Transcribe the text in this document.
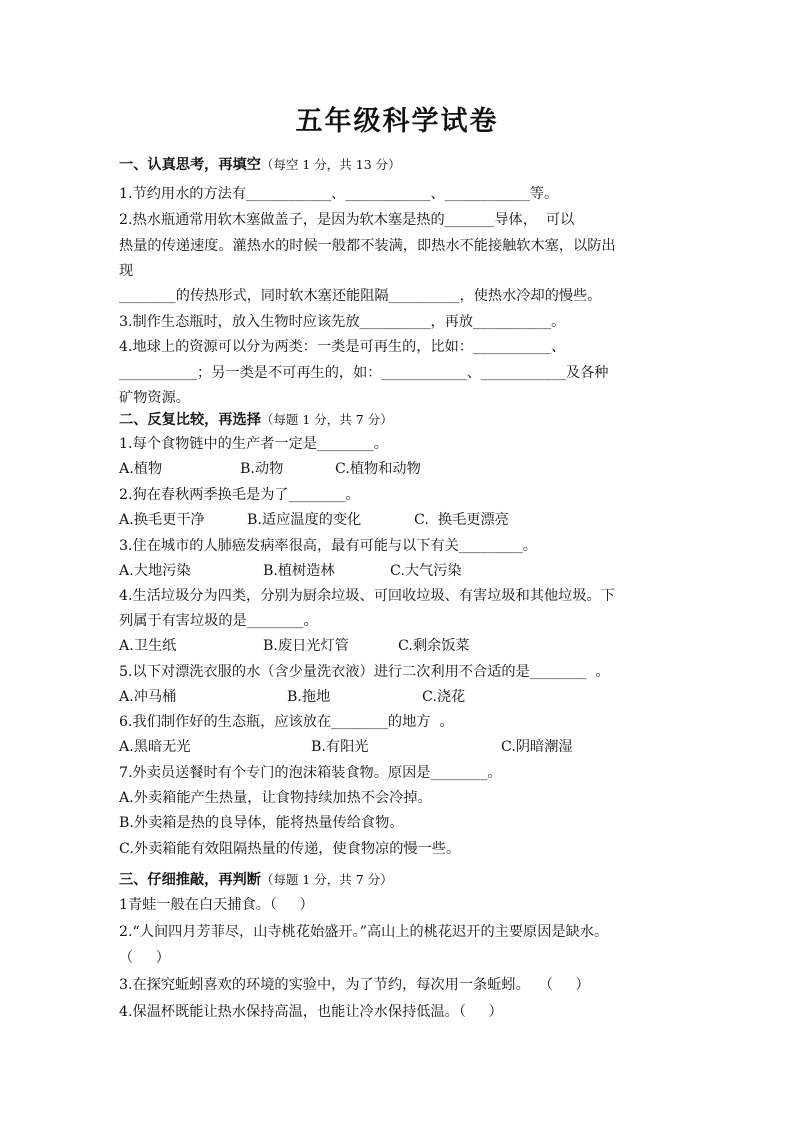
五年级科学试卷
一、认真思考，再填空（每空 1 分，共 13 分）
1.节约用水的方法有____________、____________、____________等。
2.热水瓶通常用软木塞做盖子，是因为软木塞是热的_______导体，  可以
热量的传递速度。灌热水的时候一般都不装满，即热水不能接触软木塞，以防出
现
________的传热形式，同时软木塞还能阻隔__________，使热水冷却的慢些。
3.制作生态瓶时，放入生物时应该先放__________，再放___________。
4.地球上的资源可以分为两类：一类是可再生的，比如：___________、
___________；另一类是不可再生的，如：____________、____________及各种
矿物资源。
二、反复比较，再选择（每题 1 分，共 7 分）
1.每个食物链中的生产者一定是________。
A.植物	B.动物	C.植物和动物
2.狗在春秋两季换毛是为了________。
A.换毛更干净	B.适应温度的变化	C.  换毛更漂亮
3.住在城市的人肺癌发病率很高，最有可能与以下有关_________。
A.大地污染	B.植树造林	C.大气污染
4.生活垃圾分为四类，分别为厨余垃圾、可回收垃圾、有害垃圾和其他垃圾。下
列属于有害垃圾的是________。
A.卫生纸	B.废日光灯管	C.剩余饭菜
5.以下对漂洗衣服的水（含少量洗衣液）进行二次利用不合适的是________  。
A.冲马桶	B.拖地	C.浇花
6.我们制作好的生态瓶，应该放在________的地方  。
A.黑暗无光	B.有阳光	C.阴暗潮湿
7.外卖员送餐时有个专门的泡沫箱装食物。原因是________。
A.外卖箱能产生热量，让食物持续加热不会冷掉。
B.外卖箱是热的良导体，能将热量传给食物。
C.外卖箱能有效阻隔热量的传递，使食物凉的慢一些。
三、仔细推敲，再判断（每题 1 分，共 7 分）
1青蛙一般在白天捕食。（     ）
2.“人间四月芳菲尽，山寺桃花始盛开。”高山上的桃花迟开的主要原因是缺水。
（     ）
3.在探究蚯蚓喜欢的环境的实验中，为了节约，每次用一条蚯蚓。  （     ）
4.保温杯既能让热水保持高温，也能让冷水保持低温。（     ）
